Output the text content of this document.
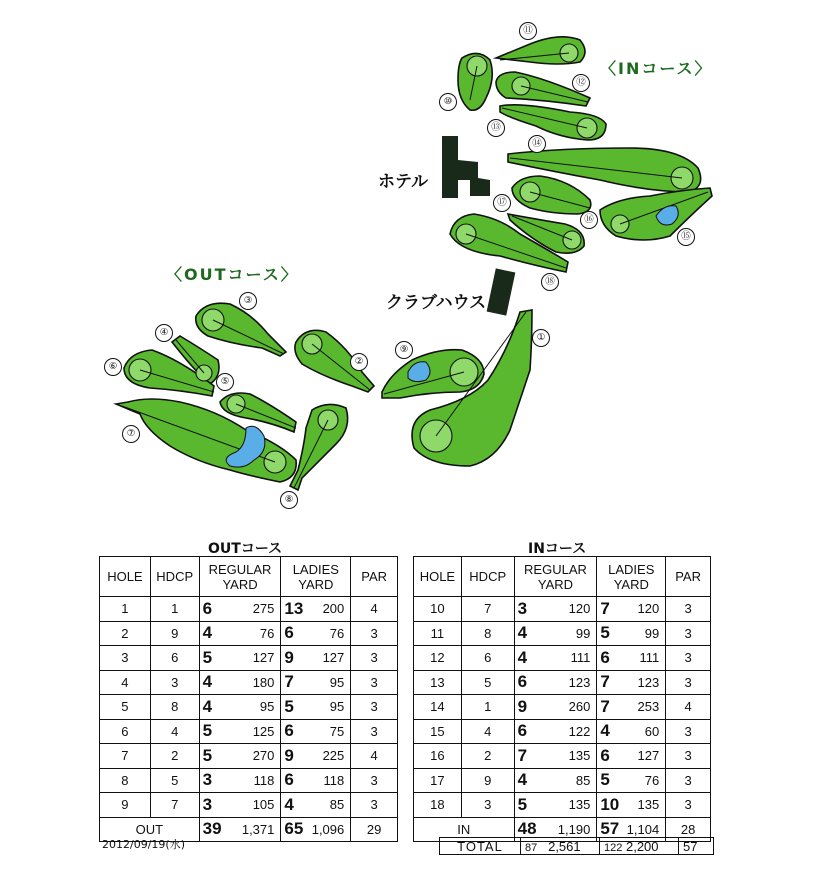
〈INコース〉
〈OUTコース〉
ホテル
クラブハウス
①
②
③
④
⑤
⑥
⑦
⑧
⑨
⑩
⑪
⑫
⑬
⑭
⑮
⑯
⑰
⑱
OUTコース	INコース
HOLE	HDCP	REGULAR
YARD	LADIES
YARD	PAR
1	1	6 275	13 200	4
2	9	4 76	6 76	3
3	6	5 127	9 127	3
4	3	4 180	7 95	3
5	8	4 95	5 95	3
6	4	5 125	6 75	3
7	2	5 270	9 225	4
8	5	3 118	6 118	3
9	7	3 105	4 85	3
OUT		39 1,371	65 1,096	29
HOLE	HDCP	REGULAR
YARD	LADIES
YARD	PAR
10	7	3 120	7 120	3
11	8	4 99	5 99	3
12	6	4 111	6 111	3
13	5	6 123	7 123	3
14	1	9 260	7 253	4
15	4	6 122	4 60	3
16	2	7 135	6 127	3
17	9	4 85	5 76	3
18	3	5 135	10 135	3
IN		48 1,190	57 1,104	28
2012/09/19(水)	TOTAL	87 2,561	122 2,200	57
